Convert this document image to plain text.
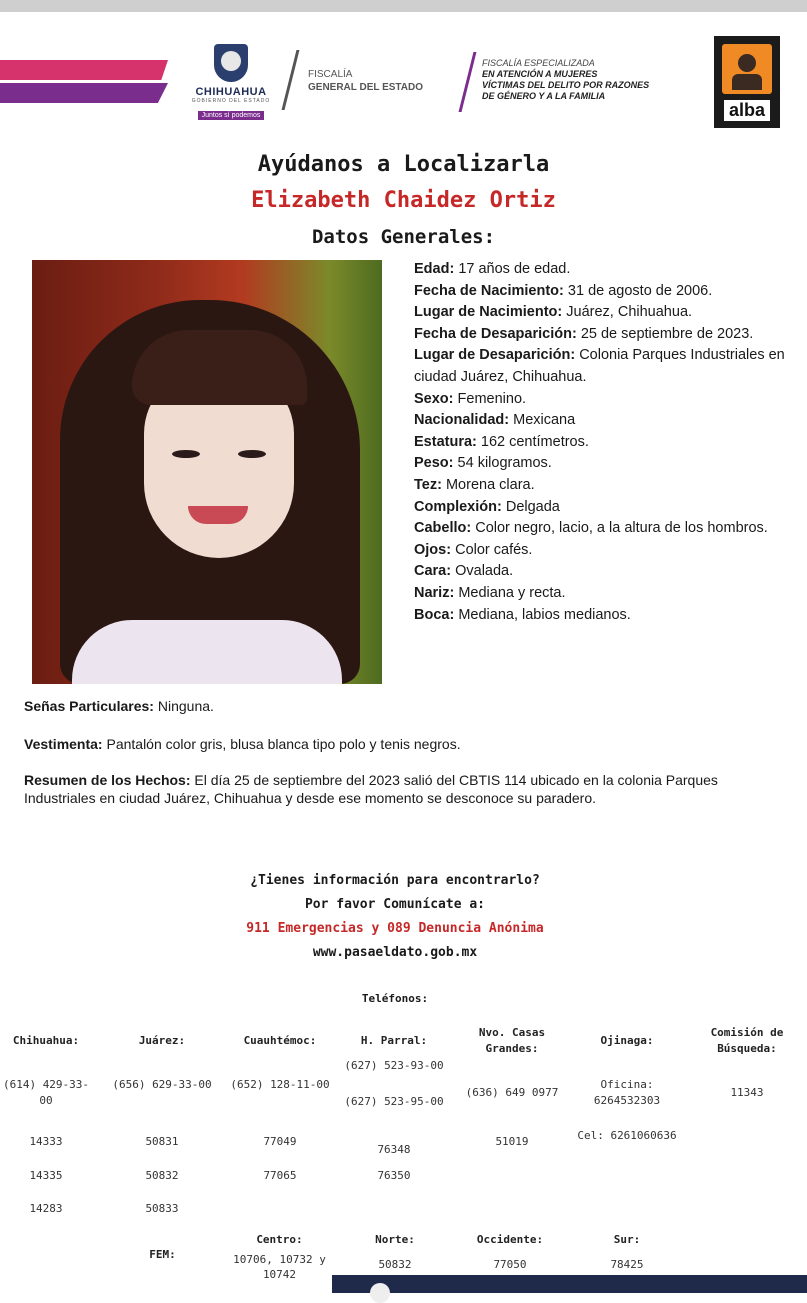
CHIHUAHUA
GOBIERNO DEL ESTADO
Juntos sí podemos
FISCALÍA
GENERAL DEL ESTADO
FISCALÍA ESPECIALIZADA
EN ATENCIÓN A MUJERES
VÍCTIMAS DEL DELITO POR RAZONES
DE GÉNERO Y A LA FAMILIA
alba
Ayúdanos a Localizarla
Elizabeth Chaidez Ortiz
Datos Generales:

Edad: 17 años de edad.

Fecha de Nacimiento: 31 de agosto de 2006.

Lugar de Nacimiento: Juárez, Chihuahua.

Fecha de Desaparición: 25 de septiembre de 2023.

Lugar de Desaparición: Colonia Parques Industriales en ciudad Juárez, Chihuahua.

Sexo: Femenino.

Nacionalidad: Mexicana

Estatura: 162 centímetros.

Peso: 54 kilogramos.

Tez: Morena clara.

Complexión: Delgada

Cabello: Color negro, lacio, a la altura de los hombros.

Ojos: Color cafés.

Cara: Ovalada.

Nariz: Mediana y recta.

Boca: Mediana, labios medianos.

Señas Particulares: Ninguna.
Vestimenta: Pantalón color gris, blusa blanca tipo polo y tenis negros.
Resumen de los Hechos: El día 25 de septiembre del 2023 salió del CBTIS 114 ubicado en la colonia Parques Industriales en ciudad Juárez, Chihuahua y desde ese momento se desconoce su paradero.
¿Tienes información para encontrarlo?
Por favor Comunícate a:
911 Emergencias y 089 Denuncia Anónima
www.pasaeldato.gob.mx
Teléfonos:
Chihuahua:
(614) 429-33-00
14333
14335
14283
Juárez:
(656) 629-33-00
50831
50832
50833
Cuauhtémoc:
(652) 128-11-00
77049
77065
H. Parral:
(627) 523-93-00
(627) 523-95-00
76348
76350
Nvo. Casas Grandes:
(636) 649 0977
51019
Ojinaga:
Oficina: 6264532303
Cel: 6261060636
Comisión de Búsqueda:
11343
FEM:
Centro:
10706, 10732 y 10742
Norte:
50832
Occidente:
77050
Sur:
78425
